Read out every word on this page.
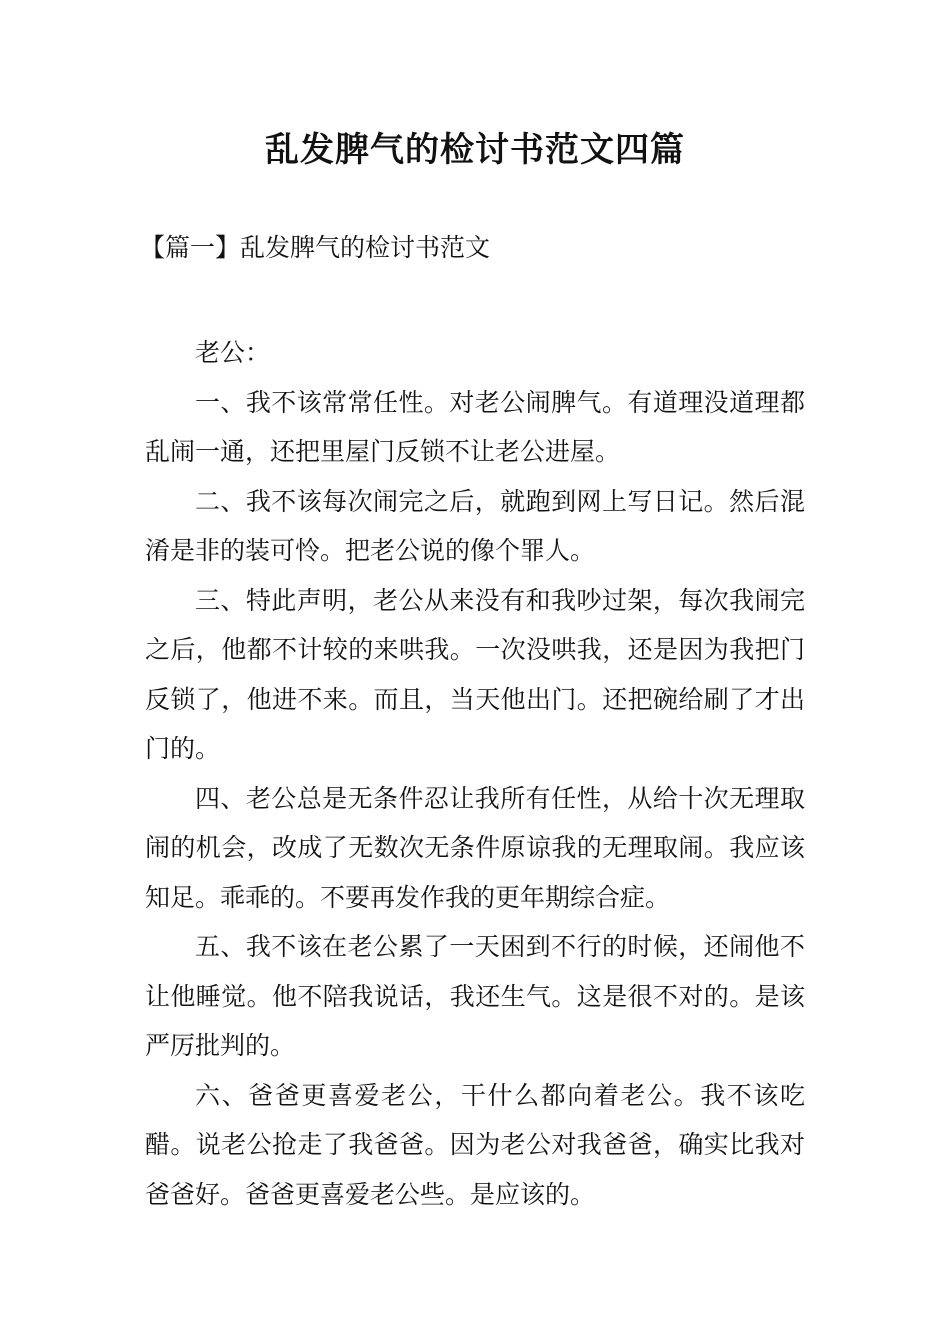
乱发脾气的检讨书范文四篇
【篇一】乱发脾气的检讨书范文

老公：

一、我不该常常任性。对老公闹脾气。有道理没道理都乱闹一通，还把里屋门反锁不让老公进屋。

二、我不该每次闹完之后，就跑到网上写日记。然后混淆是非的装可怜。把老公说的像个罪人。

三、特此声明，老公从来没有和我吵过架，每次我闹完之后，他都不计较的来哄我。一次没哄我，还是因为我把门反锁了，他进不来。而且，当天他出门。还把碗给刷了才出门的。

四、老公总是无条件忍让我所有任性，从给十次无理取闹的机会，改成了无数次无条件原谅我的无理取闹。我应该知足。乖乖的。不要再发作我的更年期综合症。

五、我不该在老公累了一天困到不行的时候，还闹他不让他睡觉。他不陪我说话，我还生气。这是很不对的。是该严厉批判的。

六、爸爸更喜爱老公，干什么都向着老公。我不该吃醋。说老公抢走了我爸爸。因为老公对我爸爸，确实比我对爸爸好。爸爸更喜爱老公些。是应该的。
